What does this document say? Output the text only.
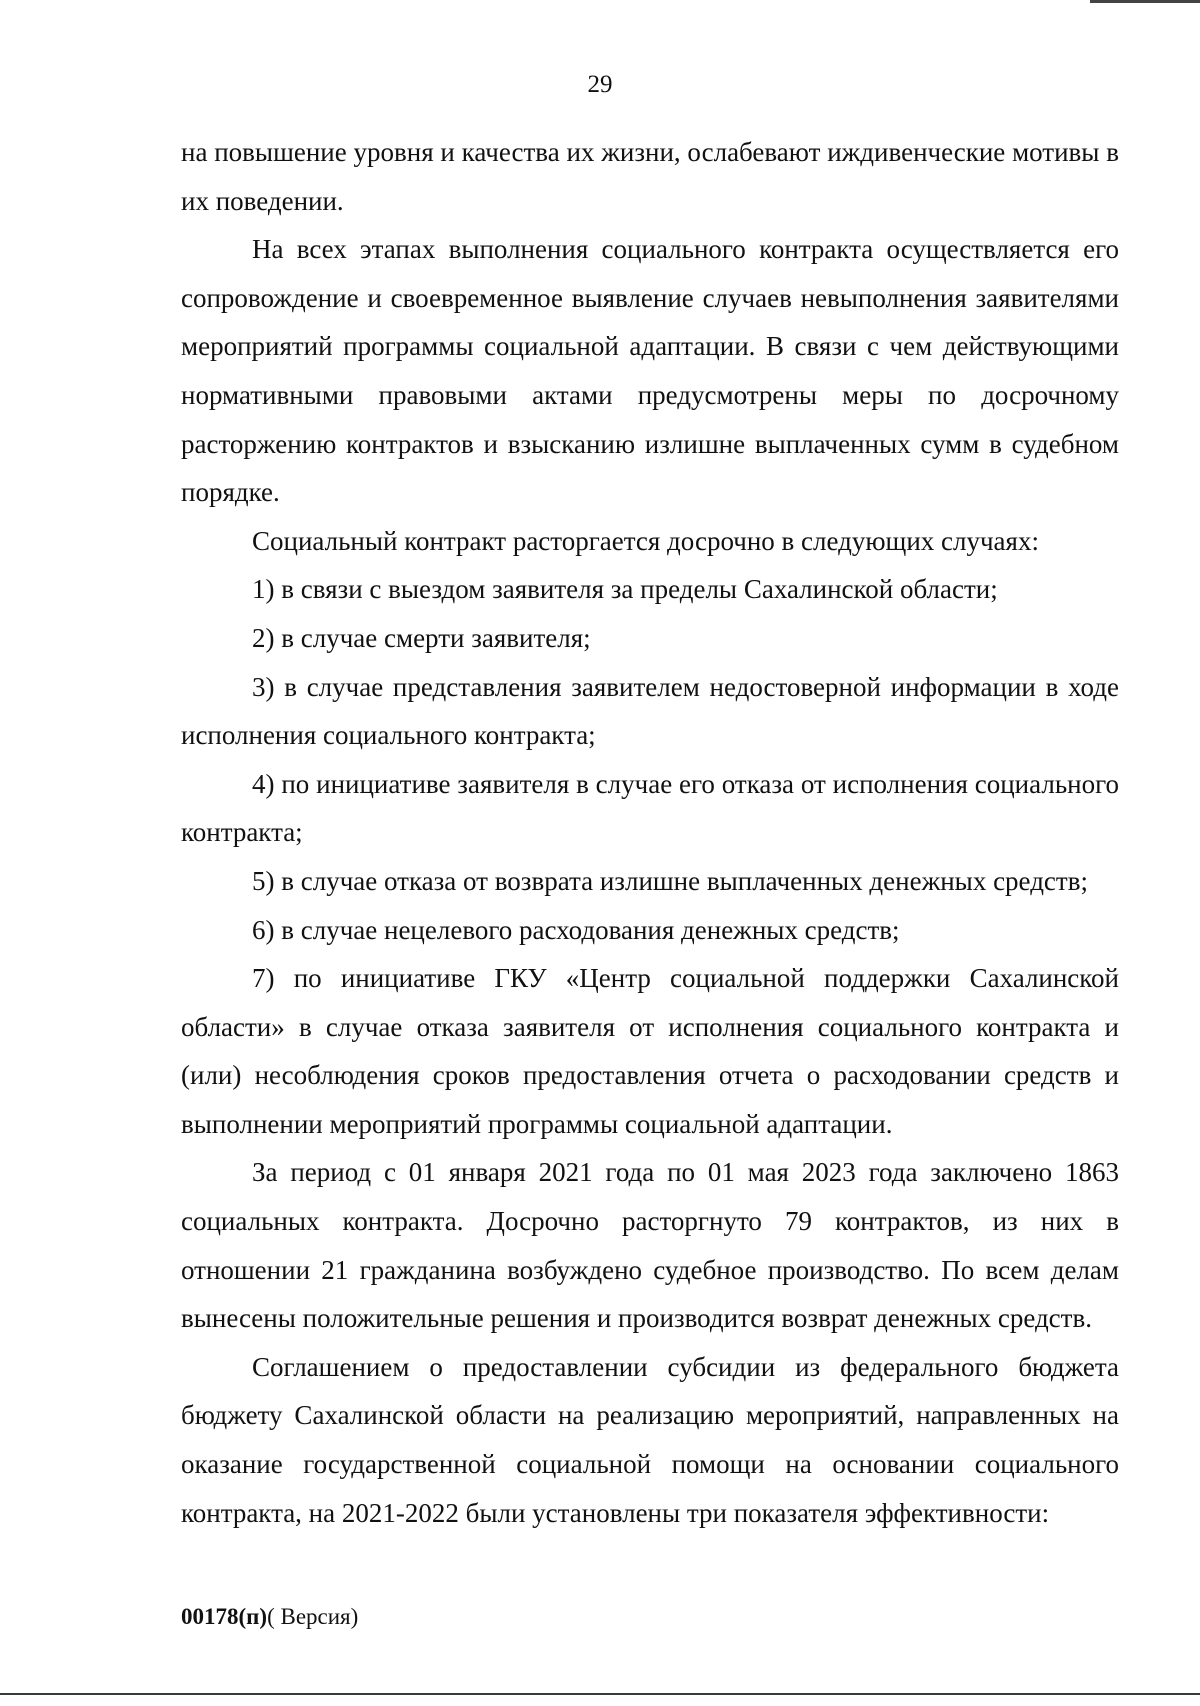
29

на повышение уровня и качества их жизни, ослабевают иждивенческие мотивы в их поведении.

На всех этапах выполнения социального контракта осуществляется его сопровождение и своевременное выявление случаев невыполнения заявителями мероприятий программы социальной адаптации. В связи с чем действующими нормативными правовыми актами предусмотрены меры по досрочному расторжению контрактов и взысканию излишне выплаченных сумм в судебном порядке.

Социальный контракт расторгается досрочно в следующих случаях:

1) в связи с выездом заявителя за пределы Сахалинской области;

2) в случае смерти заявителя;

3) в случае представления заявителем недостоверной информации в ходе исполнения социального контракта;

4) по инициативе заявителя в случае его отказа от исполнения социального контракта;

5) в случае отказа от возврата излишне выплаченных денежных средств;

6) в случае нецелевого расходования денежных средств;

7) по инициативе ГКУ «Центр социальной поддержки Сахалинской области» в случае отказа заявителя от исполнения социального контракта и (или) несоблюдения сроков предоставления отчета о расходовании средств и выполнении мероприятий программы социальной адаптации.

За период с 01 января 2021 года по 01 мая 2023 года заключено 1863 социальных контракта. Досрочно расторгнуто 79 контрактов, из них в отношении 21 гражданина возбуждено судебное производство. По всем делам вынесены положительные решения и производится возврат денежных средств.

Соглашением о предоставлении субсидии из федерального бюджета бюджету Сахалинской области на реализацию мероприятий, направленных на оказание государственной социальной помощи на основании социального контракта, на 2021-2022 были установлены три показателя эффективности:

00178(п)( Версия)
